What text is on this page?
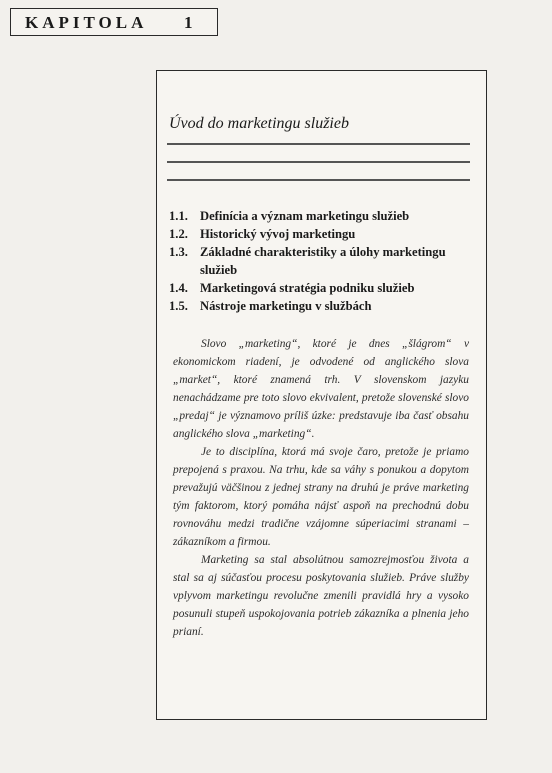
KAPITOLA 1
Úvod do marketingu služieb
1.1. Definícia a význam marketingu služieb
1.2. Historický vývoj marketingu
1.3. Základné charakteristiky a úlohy marketingu služieb
1.4. Marketingová stratégia podniku služieb
1.5. Nástroje marketingu v službách

Slovo „marketing“, ktoré je dnes „šlágrom“ v ekonomickom riadení, je odvodené od anglického slova „market“, ktoré znamená trh. V slovenskom jazyku nenachádzame pre toto slovo ekvivalent, pretože slovenské slovo „predaj“ je významovo príliš úzke: predstavuje iba časť obsahu anglického slova „marketing“.

Je to disciplína, ktorá má svoje čaro, pretože je priamo prepojená s praxou. Na trhu, kde sa váhy s ponukou a dopytom prevažujú väčšinou z jednej strany na druhú je práve marketing tým faktorom, ktorý pomáha nájsť aspoň na prechodnú dobu rovnováhu medzi tradične vzájomne súperiacimi stranami – zákazníkom a firmou.

Marketing sa stal absolútnou samozrejmosťou života a stal sa aj súčasťou procesu poskytovania služieb. Práve služby vplyvom marketingu revolučne zmenili pravidlá hry a vysoko posunuli stupeň uspokojovania potrieb zákazníka a plnenia jeho prianí.
